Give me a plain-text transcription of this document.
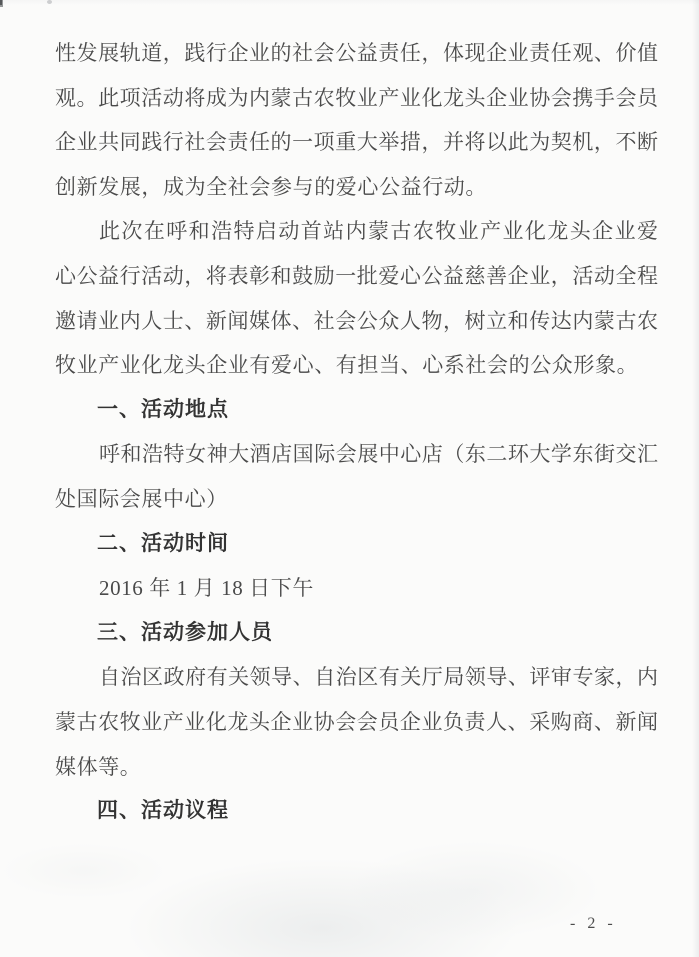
性发展轨道，践行企业的社会公益责任，体现企业责任观、价值
观。此项活动将成为内蒙古农牧业产业化龙头企业协会携手会员
企业共同践行社会责任的一项重大举措，并将以此为契机，不断
创新发展，成为全社会参与的爱心公益行动。
此次在呼和浩特启动首站内蒙古农牧业产业化龙头企业爱
心公益行活动，将表彰和鼓励一批爱心公益慈善企业，活动全程
邀请业内人士、新闻媒体、社会公众人物，树立和传达内蒙古农
牧业产业化龙头企业有爱心、有担当、心系社会的公众形象。
一、活动地点
呼和浩特女神大酒店国际会展中心店（东二环大学东街交汇
处国际会展中心）
二、活动时间
2016 年 1 月 18 日下午
三、活动参加人员
自治区政府有关领导、自治区有关厅局领导、评审专家，内
蒙古农牧业产业化龙头企业协会会员企业负责人、采购商、新闻
媒体等。
四、活动议程
- 2 -
